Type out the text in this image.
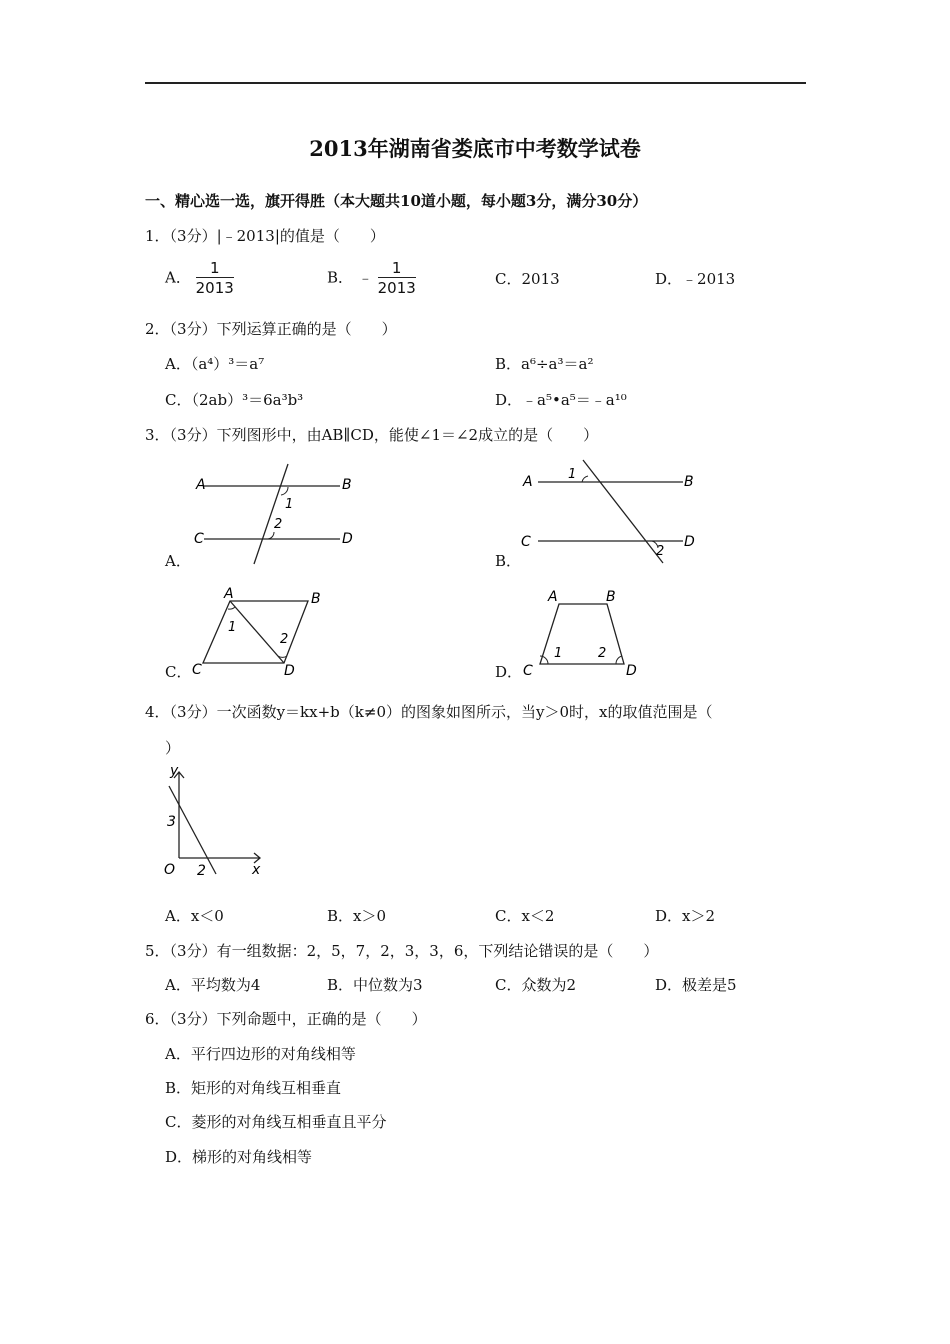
2013年湖南省娄底市中考数学试卷
一、精心选一选，旗开得胜（本大题共10道小题，每小题3分，满分30分）
1．（3分）|﹣2013|的值是（　　）
A． $\frac{1}{2013}$	B． ﹣ $\frac{1}{2013}$	C．2013	D．﹣2013
2．（3分）下列运算正确的是（　　）
A．（a⁴）³＝a⁷	B．a⁶÷a³＝a²
C．（2ab）³＝6a³b³	D．﹣a⁵•a⁵＝﹣a¹⁰
3．（3分）下列图形中，由AB∥CD，能使∠1＝∠2成立的是（　　）
A	B
C	D
1
2
A．
A	B
C	D
1
2
B．
A	B
C	D
1
2
C．
A	B
C	D
1	2
D．
4．（3分）一次函数y＝kx+b（k≠0）的图象如图所示，当y＞0时，x的取值范围是（
）
y
x
O
3
2
A．x＜0	B．x＞0	C．x＜2	D．x＞2
5．（3分）有一组数据：2，5，7，2，3，3，6，下列结论错误的是（　　）
A．平均数为4	B．中位数为3	C．众数为2	D．极差是5
6．（3分）下列命题中，正确的是（　　）
A．平行四边形的对角线相等
B．矩形的对角线互相垂直
C．菱形的对角线互相垂直且平分
D．梯形的对角线相等
